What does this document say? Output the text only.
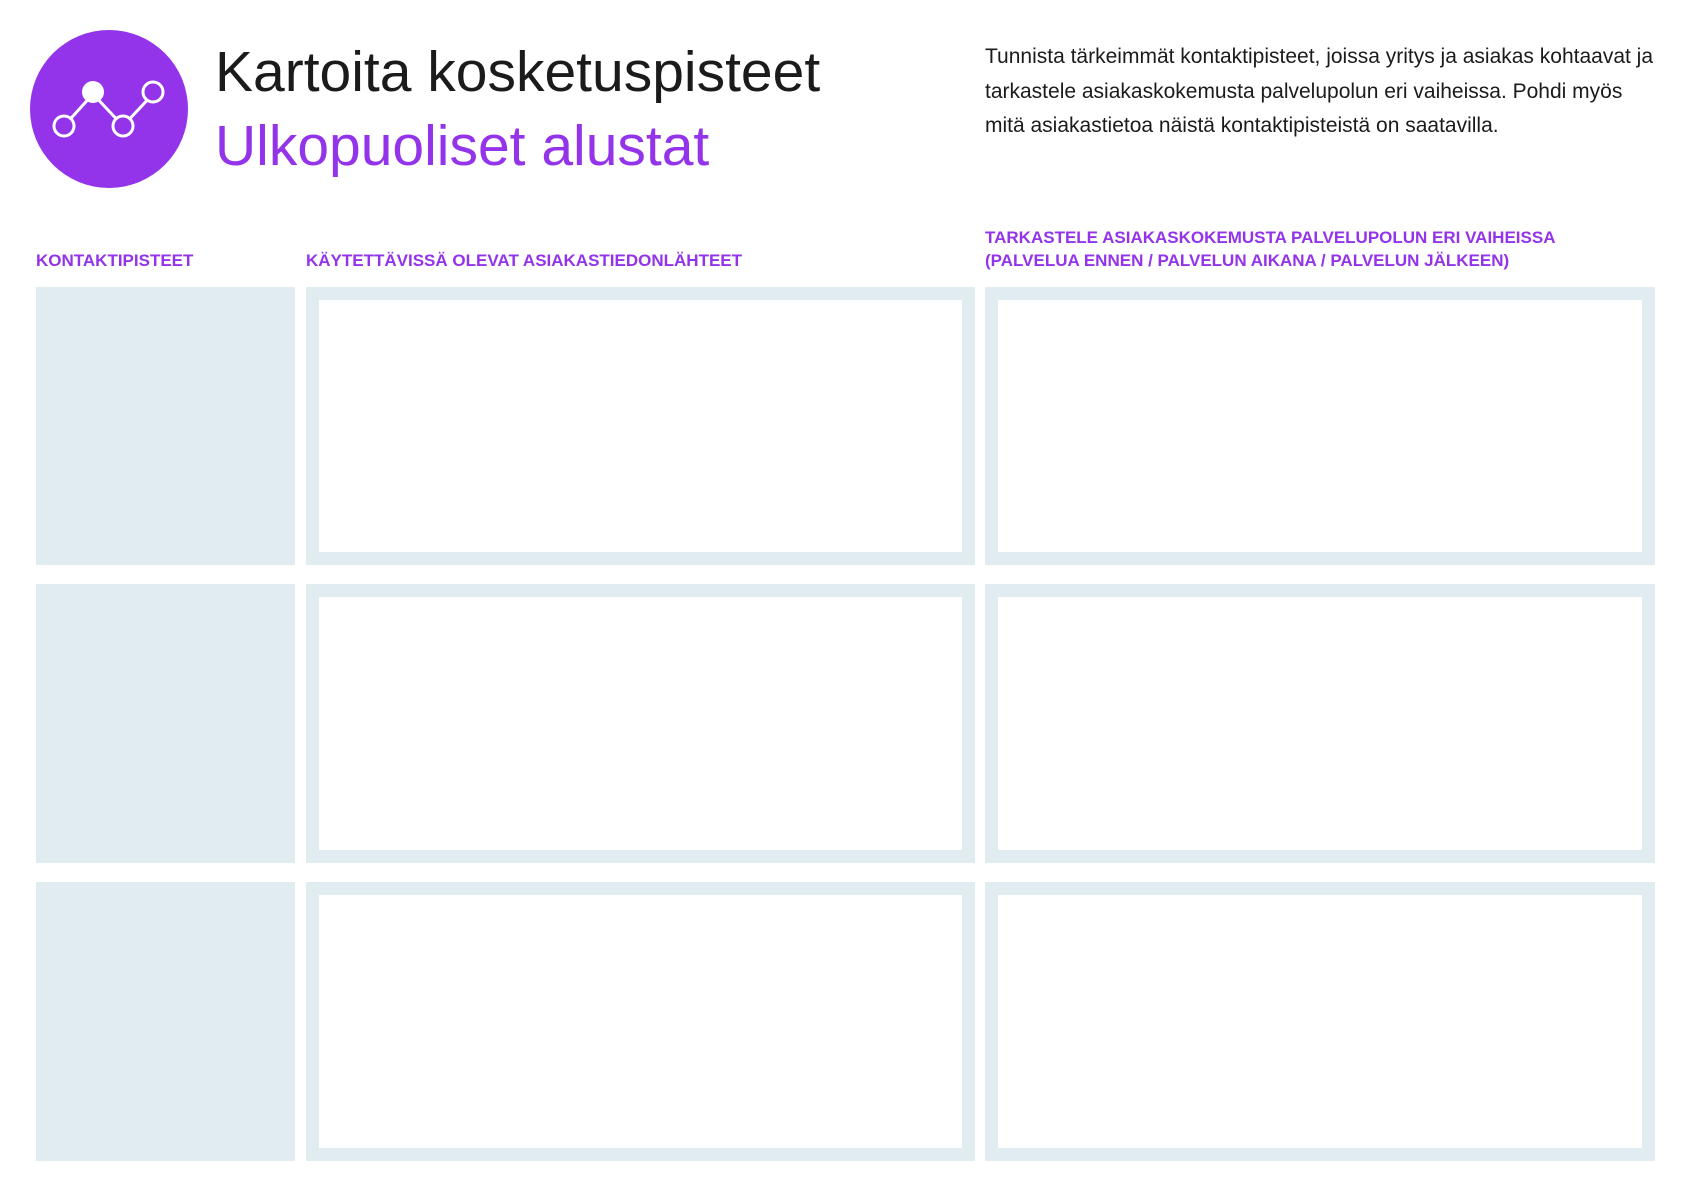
Kartoita kosketuspisteet
Ulkopuoliset alustat
Tunnista tärkeimmät kontaktipisteet, joissa yritys ja asiakas kohtaavat ja tarkastele asiakaskokemusta palvelupolun eri vaiheissa. Pohdi myös mitä asiakastietoa näistä kontaktipisteistä on saatavilla.
KONTAKTIPISTEET	KÄYTETTÄVISSÄ OLEVAT ASIAKASTIEDONLÄHTEET
TARKASTELE ASIAKASKOKEMUSTA PALVELUPOLUN ERI VAIHEISSA
(PALVELUA ENNEN / PALVELUN AIKANA / PALVELUN JÄLKEEN)
